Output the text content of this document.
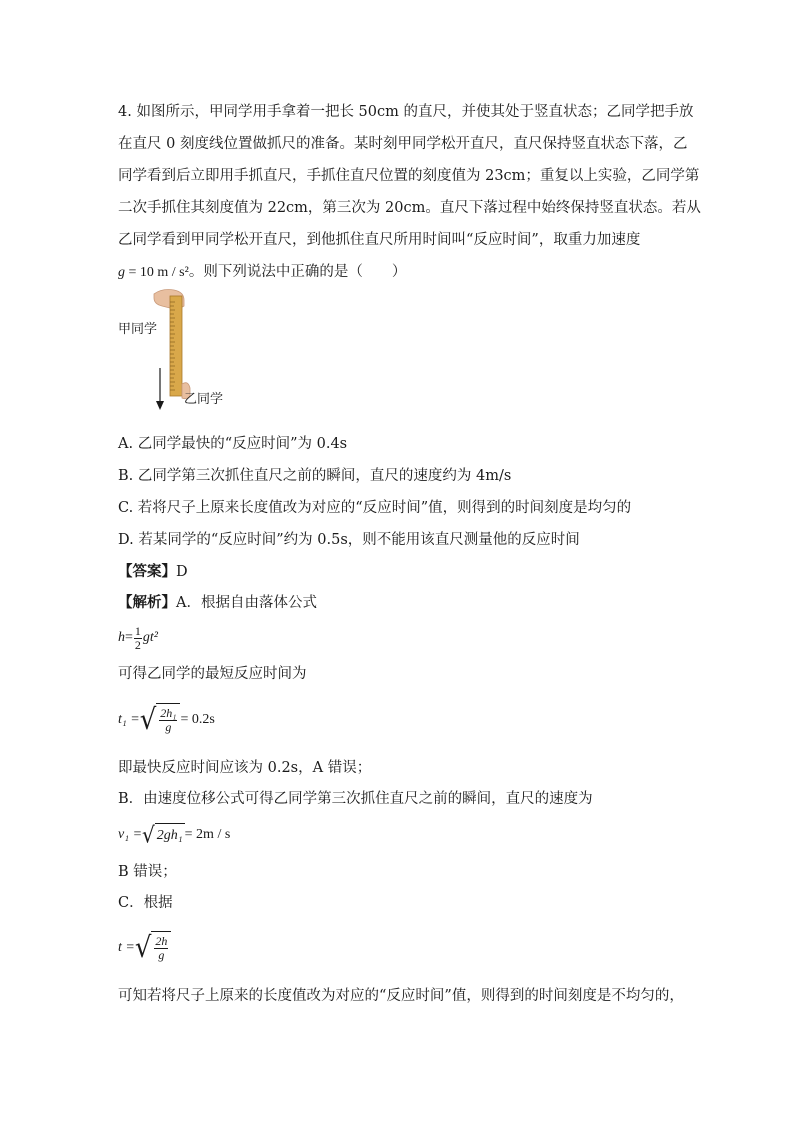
4. 如图所示，甲同学用手拿着一把长 50cm 的直尺，并使其处于竖直状态；乙同学把手放
在直尺 0 刻度线位置做抓尺的准备。某时刻甲同学松开直尺，直尺保持竖直状态下落，乙
同学看到后立即用手抓直尺，手抓住直尺位置的刻度值为 23cm；重复以上实验，乙同学第
二次手抓住其刻度值为 22cm，第三次为 20cm。直尺下落过程中始终保持竖直状态。若从
乙同学看到甲同学松开直尺，到他抓住直尺所用时间叫“反应时间”，取重力加速度
g = 10 m / s²。则下列说法中正确的是（　　）
甲同学
乙同学
A. 乙同学最快的“反应时间”为 0.4s
B. 乙同学第三次抓住直尺之前的瞬间，直尺的速度约为 4m/s
C. 若将尺子上原来长度值改为对应的“反应时间”值，则得到的时间刻度是均匀的
D. 若某同学的“反应时间”约为 0.5s，则不能用该直尺测量他的反应时间
【答案】D
【解析】A．根据自由落体公式
$h = \frac{1}{2} gt^2$
可得乙同学的最短反应时间为
t₁ = √ $\frac{\text{2h₁}}{g} = 0.2s$
即最快反应时间应该为 0.2s，A 错误；
B．由速度位移公式可得乙同学第三次抓住直尺之前的瞬间，直尺的速度为
v₁ = √ 2gh₁ = 2m / s
B 错误；
C．根据
t = √ $\frac{2h}{g}$
可知若将尺子上原来的长度值改为对应的“反应时间”值，则得到的时间刻度是不均匀的，
